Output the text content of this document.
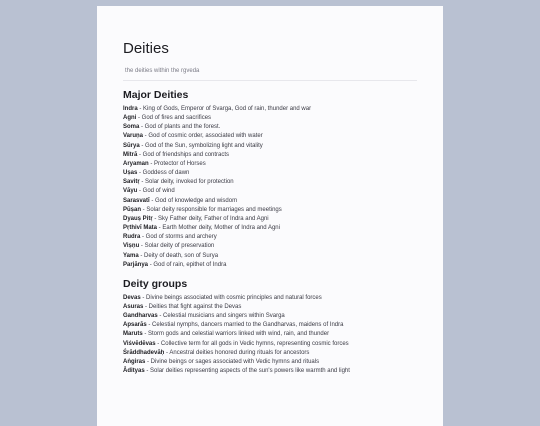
Deities
the deities within the rgveda
Major Deities
Indra - King of Gods, Emperor of Svarga, God of rain, thunder and war
Agni - God of fires and sacrifices
Soma - God of plants and the forest.
Varuṇa - God of cosmic order, associated with water
Sūrya - God of the Sun, symbolizing light and vitality
Mitrā - God of friendships and contracts
Aryaman - Protector of Horses
Uṣas - Goddess of dawn
Savitṛ - Solar deity, invoked for protection
Vāyu - God of wind
Sarasvatī - God of knowledge and wisdom
Pūṣan - Solar deity responsible for marriages and meetings
Dyauṣ Pitṛ - Sky Father deity, Father of Indra and Agni
Pṛthivī Mata - Earth Mother deity, Mother of Indra and Agni
Rudra - God of storms and archery
Viṣṇu - Solar deity of preservation
Yama - Deity of death, son of Surya
Parjānya - God of rain, epithet of Indra
Deity groups
Devas - Divine beings associated with cosmic principles and natural forces
Asuras - Deities that fight against the Devas
Gandharvas - Celestial musicians and singers within Svarga
Apsarās - Celestial nymphs, dancers married to the Gandharvas, maidens of Indra
Maruts - Storm gods and celestial warriors linked with wind, rain, and thunder
Viśvēdēvas - Collective term for all gods in Vedic hymns, representing cosmic forces
Śrāddhadevāḥ - Ancestral deities honored during rituals for ancestors
Aṅgiras - Divine beings or sages associated with Vedic hymns and rituals
Ādityas - Solar deities representing aspects of the sun's powers like warmth and light
